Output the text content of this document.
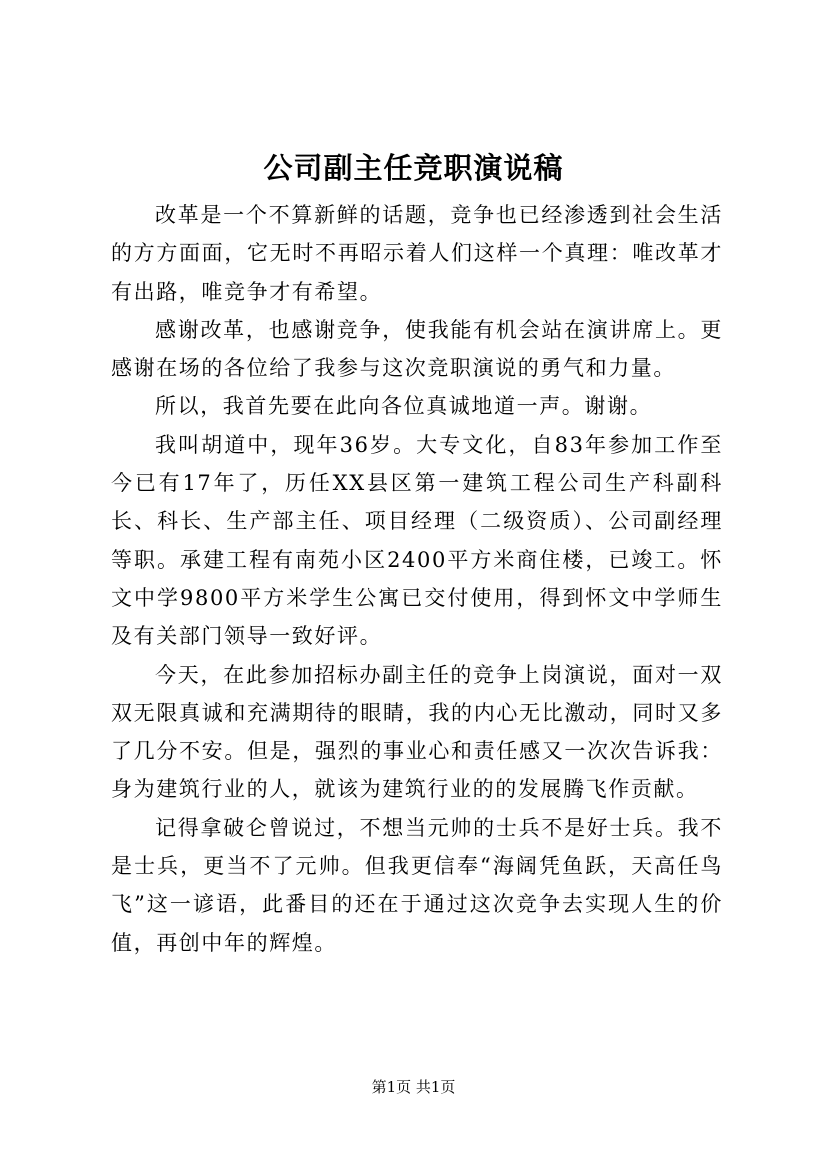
公司副主任竞职演说稿

改革是一个不算新鲜的话题，竞争也已经渗透到社会生活的方方面面，它无时不再昭示着人们这样一个真理：唯改革才有出路，唯竞争才有希望。

感谢改革，也感谢竞争，使我能有机会站在演讲席上。更感谢在场的各位给了我参与这次竞职演说的勇气和力量。

所以，我首先要在此向各位真诚地道一声。谢谢。

我叫胡道中，现年36岁。大专文化，自83年参加工作至今已有17年了，历任XX县区第一建筑工程公司生产科副科长、科长、生产部主任、项目经理（二级资质）、公司副经理等职。承建工程有南苑小区2400平方米商住楼，已竣工。怀文中学9800平方米学生公寓已交付使用，得到怀文中学师生及有关部门领导一致好评。

今天，在此参加招标办副主任的竞争上岗演说，面对一双双无限真诚和充满期待的眼睛，我的内心无比激动，同时又多了几分不安。但是，强烈的事业心和责任感又一次次告诉我：身为建筑行业的人，就该为建筑行业的的发展腾飞作贡献。

记得拿破仑曾说过，不想当元帅的士兵不是好士兵。我不是士兵，更当不了元帅。但我更信奉“海阔凭鱼跃，天高任鸟飞”这一谚语，此番目的还在于通过这次竞争去实现人生的价值，再创中年的辉煌。

第1页 共1页
